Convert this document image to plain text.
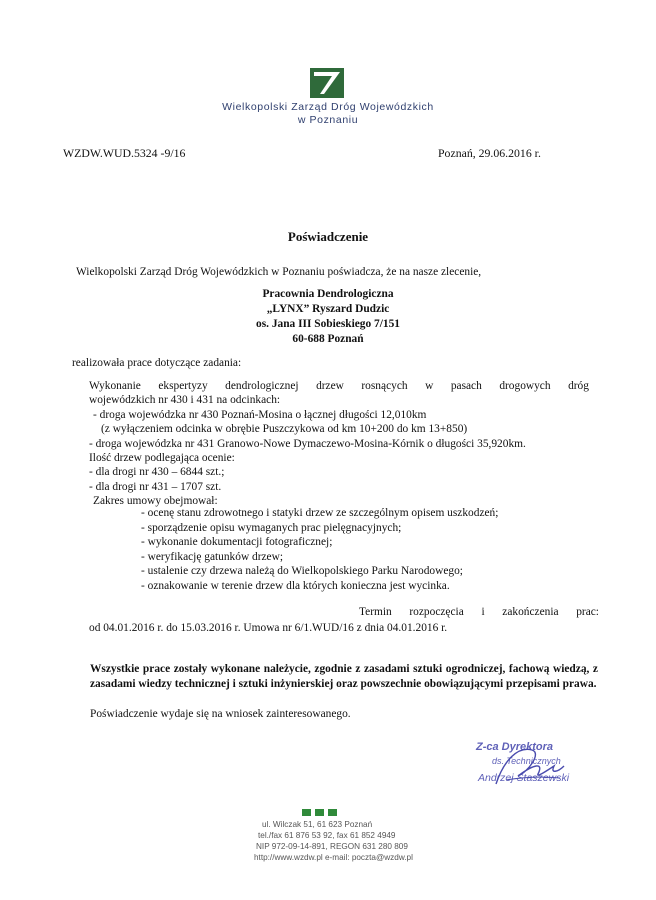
Wielkopolski Zarząd Dróg Wojewódzkich
w Poznaniu
WZDW.WUD.5324 -9/16	Poznań, 29.06.2016 r.
Poświadczenie
Wielkopolski Zarząd Dróg Wojewódzkich w Poznaniu poświadcza, że na nasze zlecenie,
Pracownia Dendrologiczna
„LYNX” Ryszard Dudzic
os. Jana III Sobieskiego 7/151
60-688 Poznań
realizowała prace dotyczące zadania:
Wykonanie ekspertyzy dendrologicznej drzew rosnących w pasach drogowych dróg
wojewódzkich nr 430 i 431 na odcinkach:
- droga wojewódzka nr 430 Poznań-Mosina o łącznej długości 12,010km
(z wyłączeniem odcinka w obrębie Puszczykowa od km 10+200 do km 13+850)
- droga wojewódzka nr 431 Granowo-Nowe Dymaczewo-Mosina-Kórnik o długości 35,920km.
Ilość drzew podlegająca ocenie:
- dla drogi nr 430 – 6844 szt.;
- dla drogi nr 431 – 1707 szt.
Zakres umowy obejmował:
- ocenę stanu zdrowotnego i statyki drzew ze szczególnym opisem uszkodzeń;
- sporządzenie opisu wymaganych prac pielęgnacyjnych;
- wykonanie dokumentacji fotograficznej;
- weryfikację gatunków drzew;
- ustalenie czy drzewa należą do Wielkopolskiego Parku Narodowego;
- oznakowanie w terenie drzew dla których konieczna jest wycinka.
Termin rozpoczęcia i zakończenia prac:
od 04.01.2016 r. do 15.03.2016 r. Umowa nr 6/1.WUD/16 z dnia 04.01.2016 r.
Wszystkie prace zostały wykonane należycie, zgodnie z zasadami sztuki ogrodniczej, fachową wiedzą, z zasadami wiedzy technicznej i sztuki inżynierskiej oraz powszechnie obowiązującymi przepisami prawa.
Poświadczenie wydaje się na wniosek zainteresowanego.
Z-ca Dyrektora
ds. Technicznych
Andrzej Staszewski
ul. Wilczak 51, 61 623 Poznań
tel./fax 61 876 53 92, fax 61 852 4949
NIP 972-09-14-891, REGON 631 280 809
http://www.wzdw.pl e-mail: poczta@wzdw.pl
